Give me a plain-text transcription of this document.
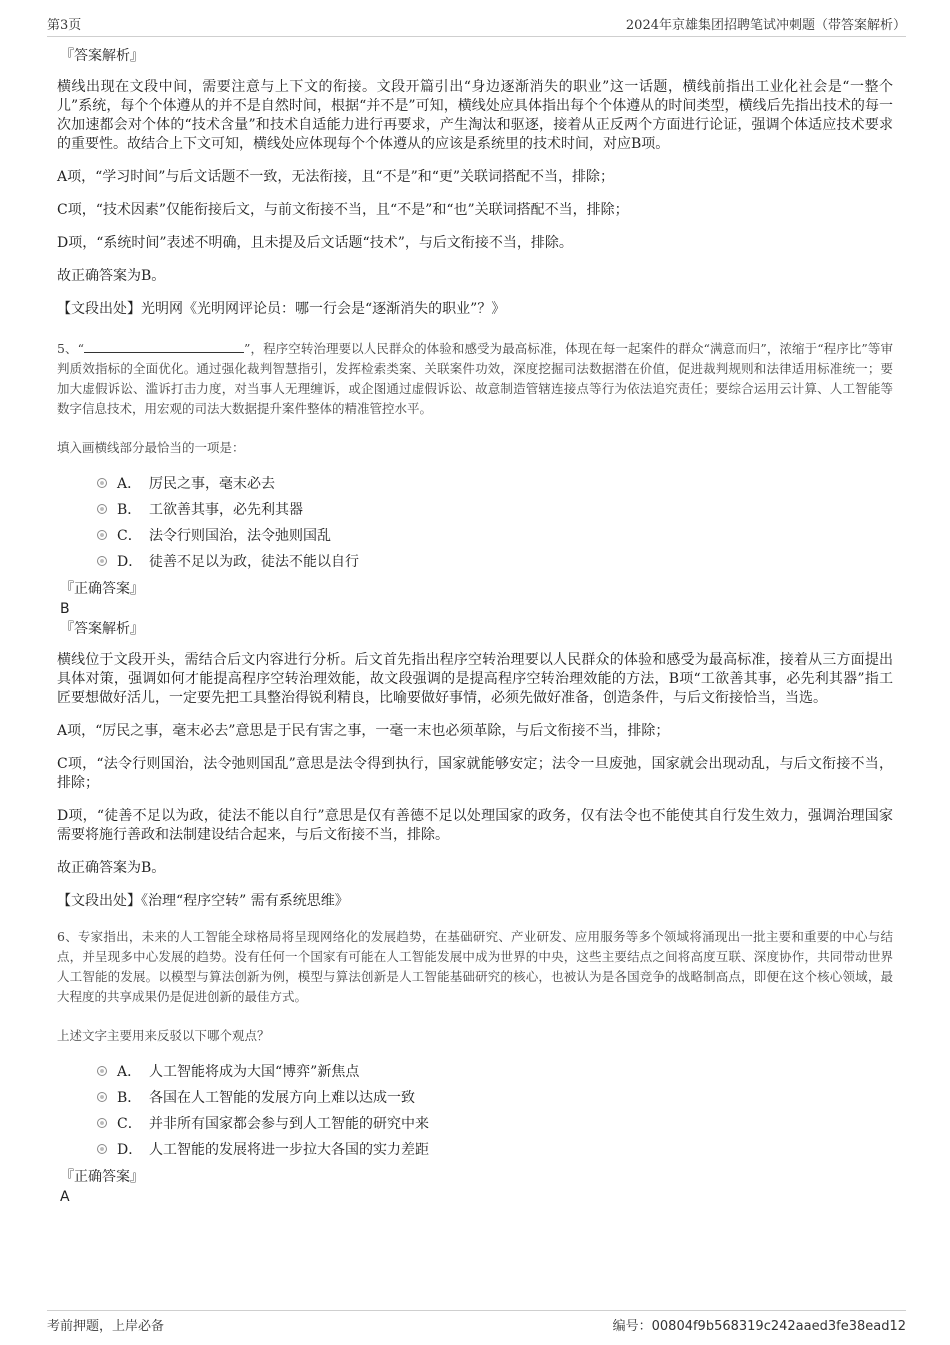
第3页	2024年京雄集团招聘笔试冲刺题（带答案解析）
『答案解析』

横线出现在文段中间，需要注意与上下文的衔接。文段开篇引出“身边逐渐消失的职业”这一话题，横线前指出工业化社会是“一整个儿”系统，每个个体遵从的并不是自然时间，根据“并不是”可知，横线处应具体指出每个个体遵从的时间类型，横线后先指出技术的每一次加速都会对个体的“技术含量”和技术自适能力进行再要求，产生淘汰和驱逐，接着从正反两个方面进行论证，强调个体适应技术要求的重要性。故结合上下文可知，横线处应体现每个个体遵从的应该是系统里的技术时间，对应B项。

A项，“学习时间”与后文话题不一致，无法衔接，且“不是”和“更”关联词搭配不当，排除；

C项，“技术因素”仅能衔接后文，与前文衔接不当，且“不是”和“也”关联词搭配不当，排除；

D项，“系统时间”表述不明确，且未提及后文话题“技术”，与后文衔接不当，排除。

故正确答案为B。

【文段出处】光明网《光明网评论员：哪一行会是“逐渐消失的职业”？》

5、“	”，程序空转治理要以人民群众的体验和感受为最高标准，体现在每一起案件的群众“满意而归”，浓缩于“程序比”等审判质效指标的全面优化。通过强化裁判智慧指引，发挥检索类案、关联案件功效，深度挖掘司法数据潜在价值，促进裁判规则和法律适用标准统一；要加大虚假诉讼、滥诉打击力度，对当事人无理缠诉，或企图通过虚假诉讼、故意制造管辖连接点等行为依法追究责任；要综合运用云计算、人工智能等数字信息技术，用宏观的司法大数据提升案件整体的精准管控水平。

填入画横线部分最恰当的一项是：

A． 厉民之事，毫末必去
B． 工欲善其事，必先利其器
C． 法令行则国治，法令弛则国乱
D． 徒善不足以为政，徒法不能以自行
『正确答案』
B
『答案解析』

横线位于文段开头，需结合后文内容进行分析。后文首先指出程序空转治理要以人民群众的体验和感受为最高标准，接着从三方面提出具体对策，强调如何才能提高程序空转治理效能，故文段强调的是提高程序空转治理效能的方法，B项“工欲善其事，必先利其器”指工匠要想做好活儿，一定要先把工具整治得锐利精良，比喻要做好事情，必须先做好准备，创造条件，与后文衔接恰当，当选。

A项，“厉民之事，毫末必去”意思是于民有害之事，一毫一末也必须革除，与后文衔接不当，排除；

C项，“法令行则国治，法令弛则国乱”意思是法令得到执行，国家就能够安定；法令一旦废弛，国家就会出现动乱，与后文衔接不当，排除；

D项，“徒善不足以为政，徒法不能以自行”意思是仅有善德不足以处理国家的政务，仅有法令也不能使其自行发生效力，强调治理国家需要将施行善政和法制建设结合起来，与后文衔接不当，排除。

故正确答案为B。

【文段出处】《治理“程序空转” 需有系统思维》

6、专家指出，未来的人工智能全球格局将呈现网络化的发展趋势，在基础研究、产业研发、应用服务等多个领域将涌现出一批主要和重要的中心与结点，并呈现多中心发展的趋势。没有任何一个国家有可能在人工智能发展中成为世界的中央，这些主要结点之间将高度互联、深度协作，共同带动世界人工智能的发展。以模型与算法创新为例，模型与算法创新是人工智能基础研究的核心，也被认为是各国竞争的战略制高点，即便在这个核心领域，最大程度的共享成果仍是促进创新的最佳方式。

上述文字主要用来反驳以下哪个观点？

A． 人工智能将成为大国“博弈”新焦点
B． 各国在人工智能的发展方向上难以达成一致
C． 并非所有国家都会参与到人工智能的研究中来
D． 人工智能的发展将进一步拉大各国的实力差距
『正确答案』
A
考前押题，上岸必备	编号：00804f9b568319c242aaed3fe38ead12
